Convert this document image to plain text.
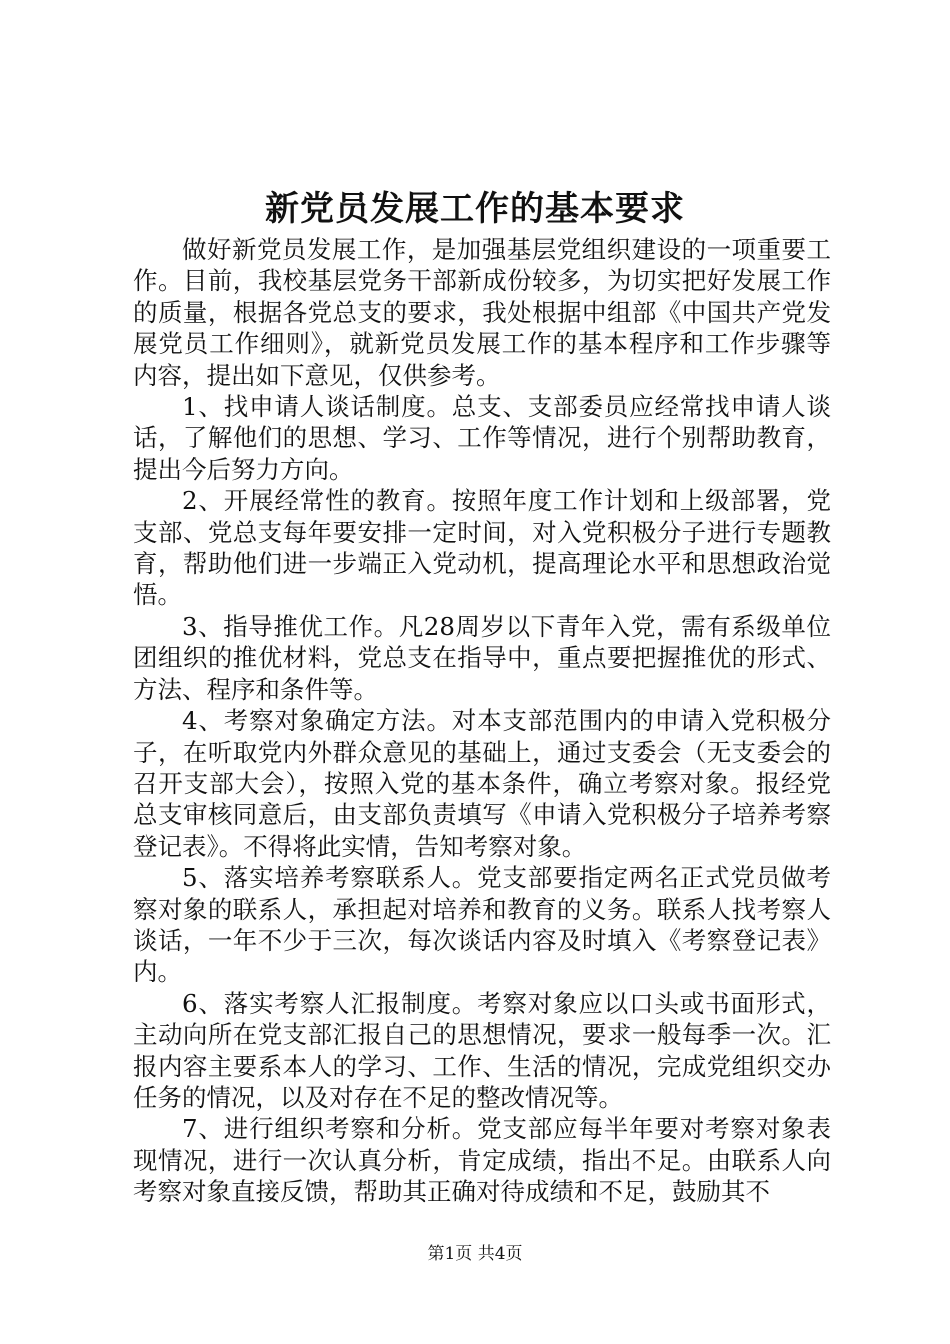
新党员发展工作的基本要求

做好新党员发展工作，是加强基层党组织建设的一项重要工作。目前，我校基层党务干部新成份较多，为切实把好发展工作的质量，根据各党总支的要求，我处根据中组部《中国共产党发展党员工作细则》，就新党员发展工作的基本程序和工作步骤等内容，提出如下意见，仅供参考。

1、找申请人谈话制度。总支、支部委员应经常找申请人谈话，了解他们的思想、学习、工作等情况，进行个别帮助教育，提出今后努力方向。

2、开展经常性的教育。按照年度工作计划和上级部署，党支部、党总支每年要安排一定时间，对入党积极分子进行专题教育，帮助他们进一步端正入党动机，提高理论水平和思想政治觉悟。

3、指导推优工作。凡28周岁以下青年入党，需有系级单位团组织的推优材料，党总支在指导中，重点要把握推优的形式、方法、程序和条件等。

4、考察对象确定方法。对本支部范围内的申请入党积极分子，在听取党内外群众意见的基础上，通过支委会（无支委会的召开支部大会），按照入党的基本条件，确立考察对象。报经党总支审核同意后，由支部负责填写《申请入党积极分子培养考察登记表》。不得将此实情，告知考察对象。

5、落实培养考察联系人。党支部要指定两名正式党员做考察对象的联系人，承担起对培养和教育的义务。联系人找考察人谈话，一年不少于三次，每次谈话内容及时填入《考察登记表》内。

6、落实考察人汇报制度。考察对象应以口头或书面形式，主动向所在党支部汇报自己的思想情况，要求一般每季一次。汇报内容主要系本人的学习、工作、生活的情况，完成党组织交办任务的情况，以及对存在不足的整改情况等。

7、进行组织考察和分析。党支部应每半年要对考察对象表现情况，进行一次认真分析，肯定成绩，指出不足。由联系人向考察对象直接反馈，帮助其正确对待成绩和不足，鼓励其不

第1页 共4页
